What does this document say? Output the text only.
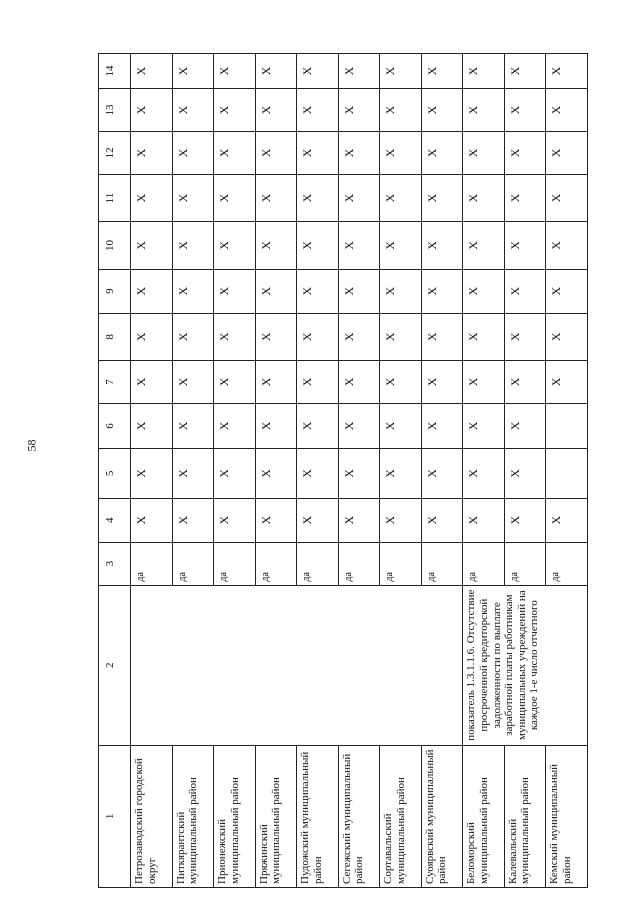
58
1	2	3	4	5	6	7	8	9	10	11	12	13	14
Петрозаводский городской округ		да	Х	Х	Х	Х	Х	Х	Х	Х	Х	Х	Х
Питкярантский муниципальный район		да	Х	Х	Х	Х	Х	Х	Х	Х	Х	Х	Х
Прионежский муниципальный район		да	Х	Х	Х	Х	Х	Х	Х	Х	Х	Х	Х
Пряжинский муниципальный район		да	Х	Х	Х	Х	Х	Х	Х	Х	Х	Х	Х
Пудожский муниципальный район		да	Х	Х	Х	Х	Х	Х	Х	Х	Х	Х	Х
Сегежский муниципальный район		да	Х	Х	Х	Х	Х	Х	Х	Х	Х	Х	Х
Сортавальский муниципальный район		да	Х	Х	Х	Х	Х	Х	Х	Х	Х	Х	Х
Суоярвский муниципальный район		да	Х	Х	Х	Х	Х	Х	Х	Х	Х	Х	Х
Беломорский муниципальный район	показатель 1.3.1.1.6. Отсутствие просроченной кредиторской задолженности по выплате заработной платы работникам муниципальных учреждений на каждое 1-е число отчетного	да	Х	Х	Х	Х	Х	Х	Х	Х	Х	Х	Х
Калевальский муниципальный район		да	Х	Х	Х	Х	Х	Х	Х	Х	Х	Х	Х
Кемский муниципальный район		да	Х			Х	Х	Х	Х	Х	Х	Х	Х
